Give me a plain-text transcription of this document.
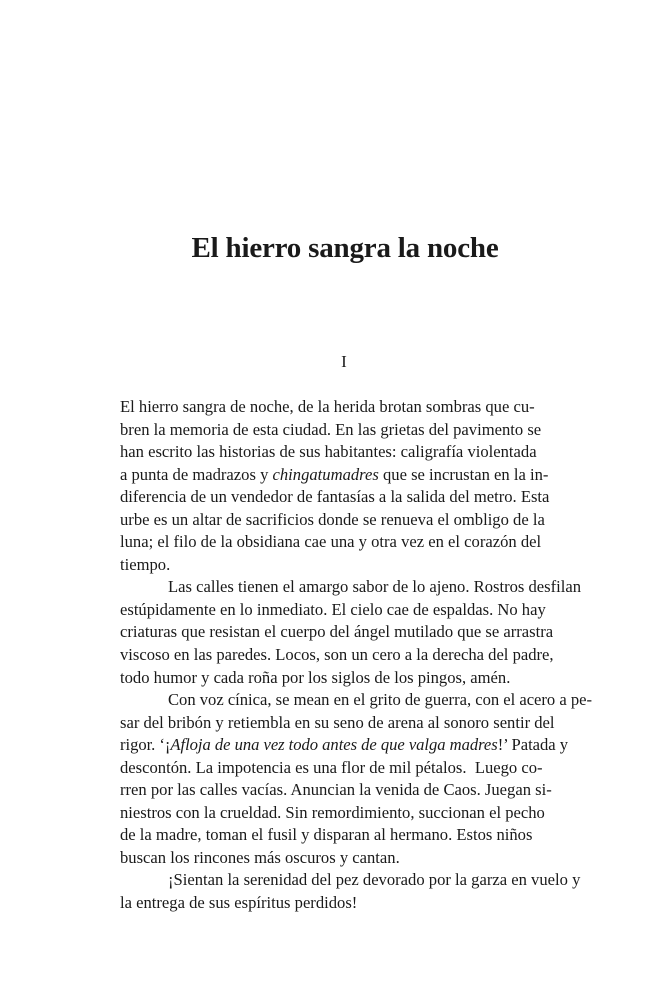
El hierro sangra la noche
I
El hierro sangra de noche, de la herida brotan sombras que cu-
bren la memoria de esta ciudad. En las grietas del pavimento se
han escrito las historias de sus habitantes: caligrafía violentada
a punta de madrazos y chingatumadres que se incrustan en la in-
diferencia de un vendedor de fantasías a la salida del metro. Esta
urbe es un altar de sacrificios donde se renueva el ombligo de la
luna; el filo de la obsidiana cae una y otra vez en el corazón del
tiempo.
Las calles tienen el amargo sabor de lo ajeno. Rostros desfilan
estúpidamente en lo inmediato. El cielo cae de espaldas. No hay
criaturas que resistan el cuerpo del ángel mutilado que se arrastra
viscoso en las paredes. Locos, son un cero a la derecha del padre,
todo humor y cada roña por los siglos de los pingos, amén.
Con voz cínica, se mean en el grito de guerra, con el acero a pe-
sar del bribón y retiembla en su seno de arena al sonoro sentir del
rigor. ‘¡Afloja de una vez todo antes de que valga madres!’ Patada y
descontón. La impotencia es una flor de mil pétalos.  Luego co-
rren por las calles vacías. Anuncian la venida de Caos. Juegan si-
niestros con la crueldad. Sin remordimiento, succionan el pecho
de la madre, toman el fusil y disparan al hermano. Estos niños
buscan los rincones más oscuros y cantan.
¡Sientan la serenidad del pez devorado por la garza en vuelo y
la entrega de sus espíritus perdidos!
